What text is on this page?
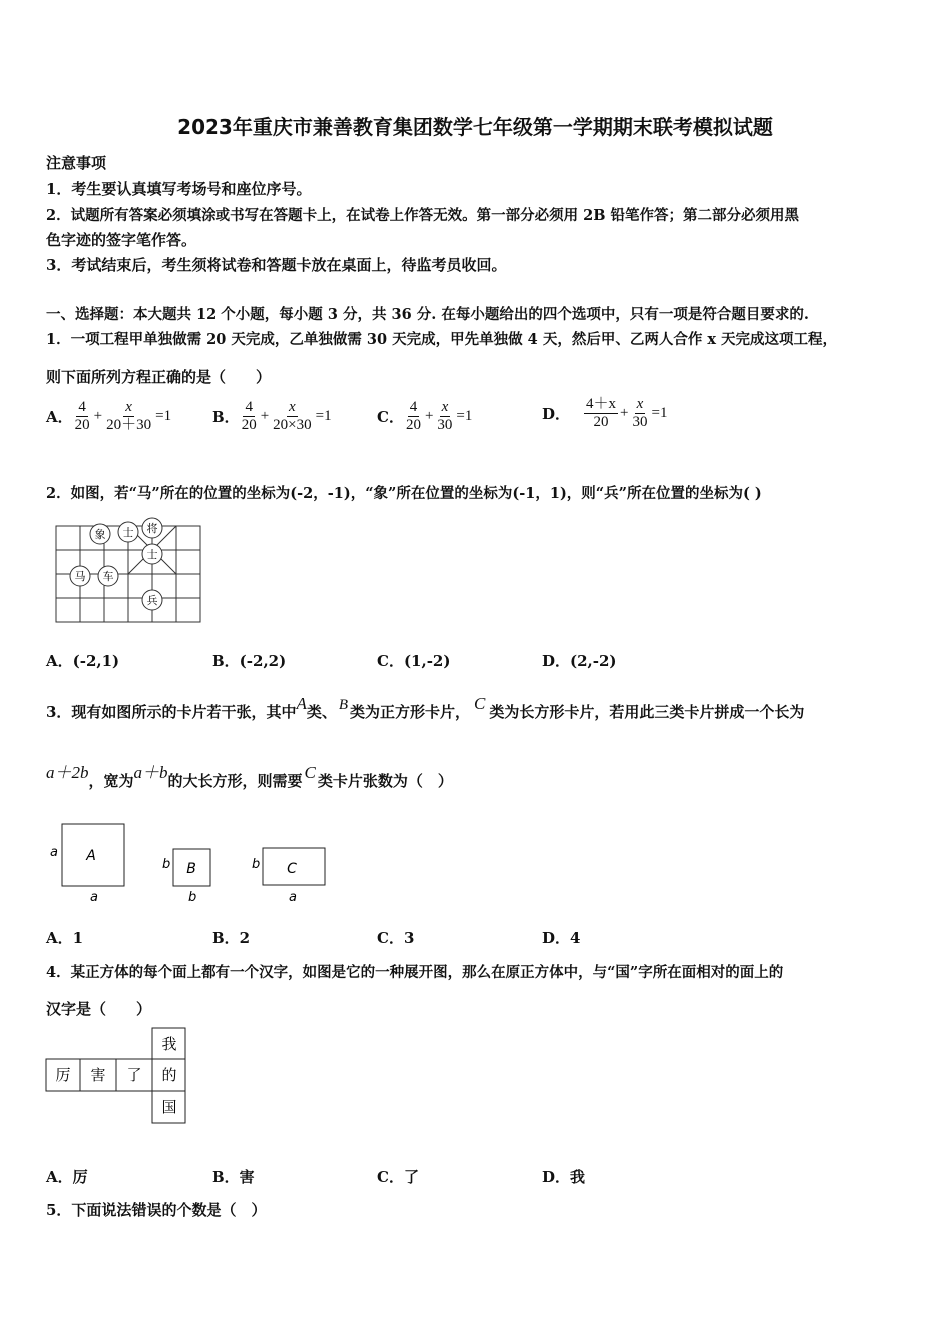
2023年重庆市兼善教育集团数学七年级第一学期期末联考模拟试题
注意事项
1．考生要认真填写考场号和座位序号。
2．试题所有答案必须填涂或书写在答题卡上，在试卷上作答无效。第一部分必须用 2B 铅笔作答；第二部分必须用黑
色字迹的签字笔作答。
3．考试结束后，考生须将试卷和答题卡放在桌面上，待监考员收回。
一、选择题：本大题共 12 个小题，每小题 3 分，共 36 分. 在每小题给出的四个选项中，只有一项是符合题目要求的.
1．一项工程甲单独做需 20 天完成，乙单独做需 30 天完成，甲先单独做 4 天，然后甲、乙两人合作 x 天完成这项工程，
则下面所列方程正确的是（　　）
A． $\frac{4}{20} + \frac{x}{20+30} =1$	B． $\frac{4}{20} + \frac{x}{20\times 30} =1$	C． $\frac{4}{20} + \frac{x}{30} =1$	D． $\frac{4+x}{20} + \frac{x}{30} =1$
2．如图，若“马”所在的位置的坐标为(-2，-1)，“象”所在位置的坐标为(-1，1)，则“兵”所在位置的坐标为( )
象 士 将
士
马 车
兵
A．(-2,1)	B．(-2,2)	C．(1,-2)	D．(2,-2)
3．现有如图所示的卡片若干张，其中A类、 B 类为正方形卡片， C 类为长方形卡片，若用此三类卡片拼成一个长为
a＋2b，宽为a＋b的大长方形，则需要 C 类卡片张数为（　）
A
a
a
B
b
b
C
b
a
A．1	B．2	C．3	D．4
4．某正方体的每个面上都有一个汉字，如图是它的一种展开图，那么在原正方体中，与“国”字所在面相对的面上的
汉字是（　　）
我
厉 害 了 的
国
A．厉	B．害	C．了	D．我
5．下面说法错误的个数是（　）
